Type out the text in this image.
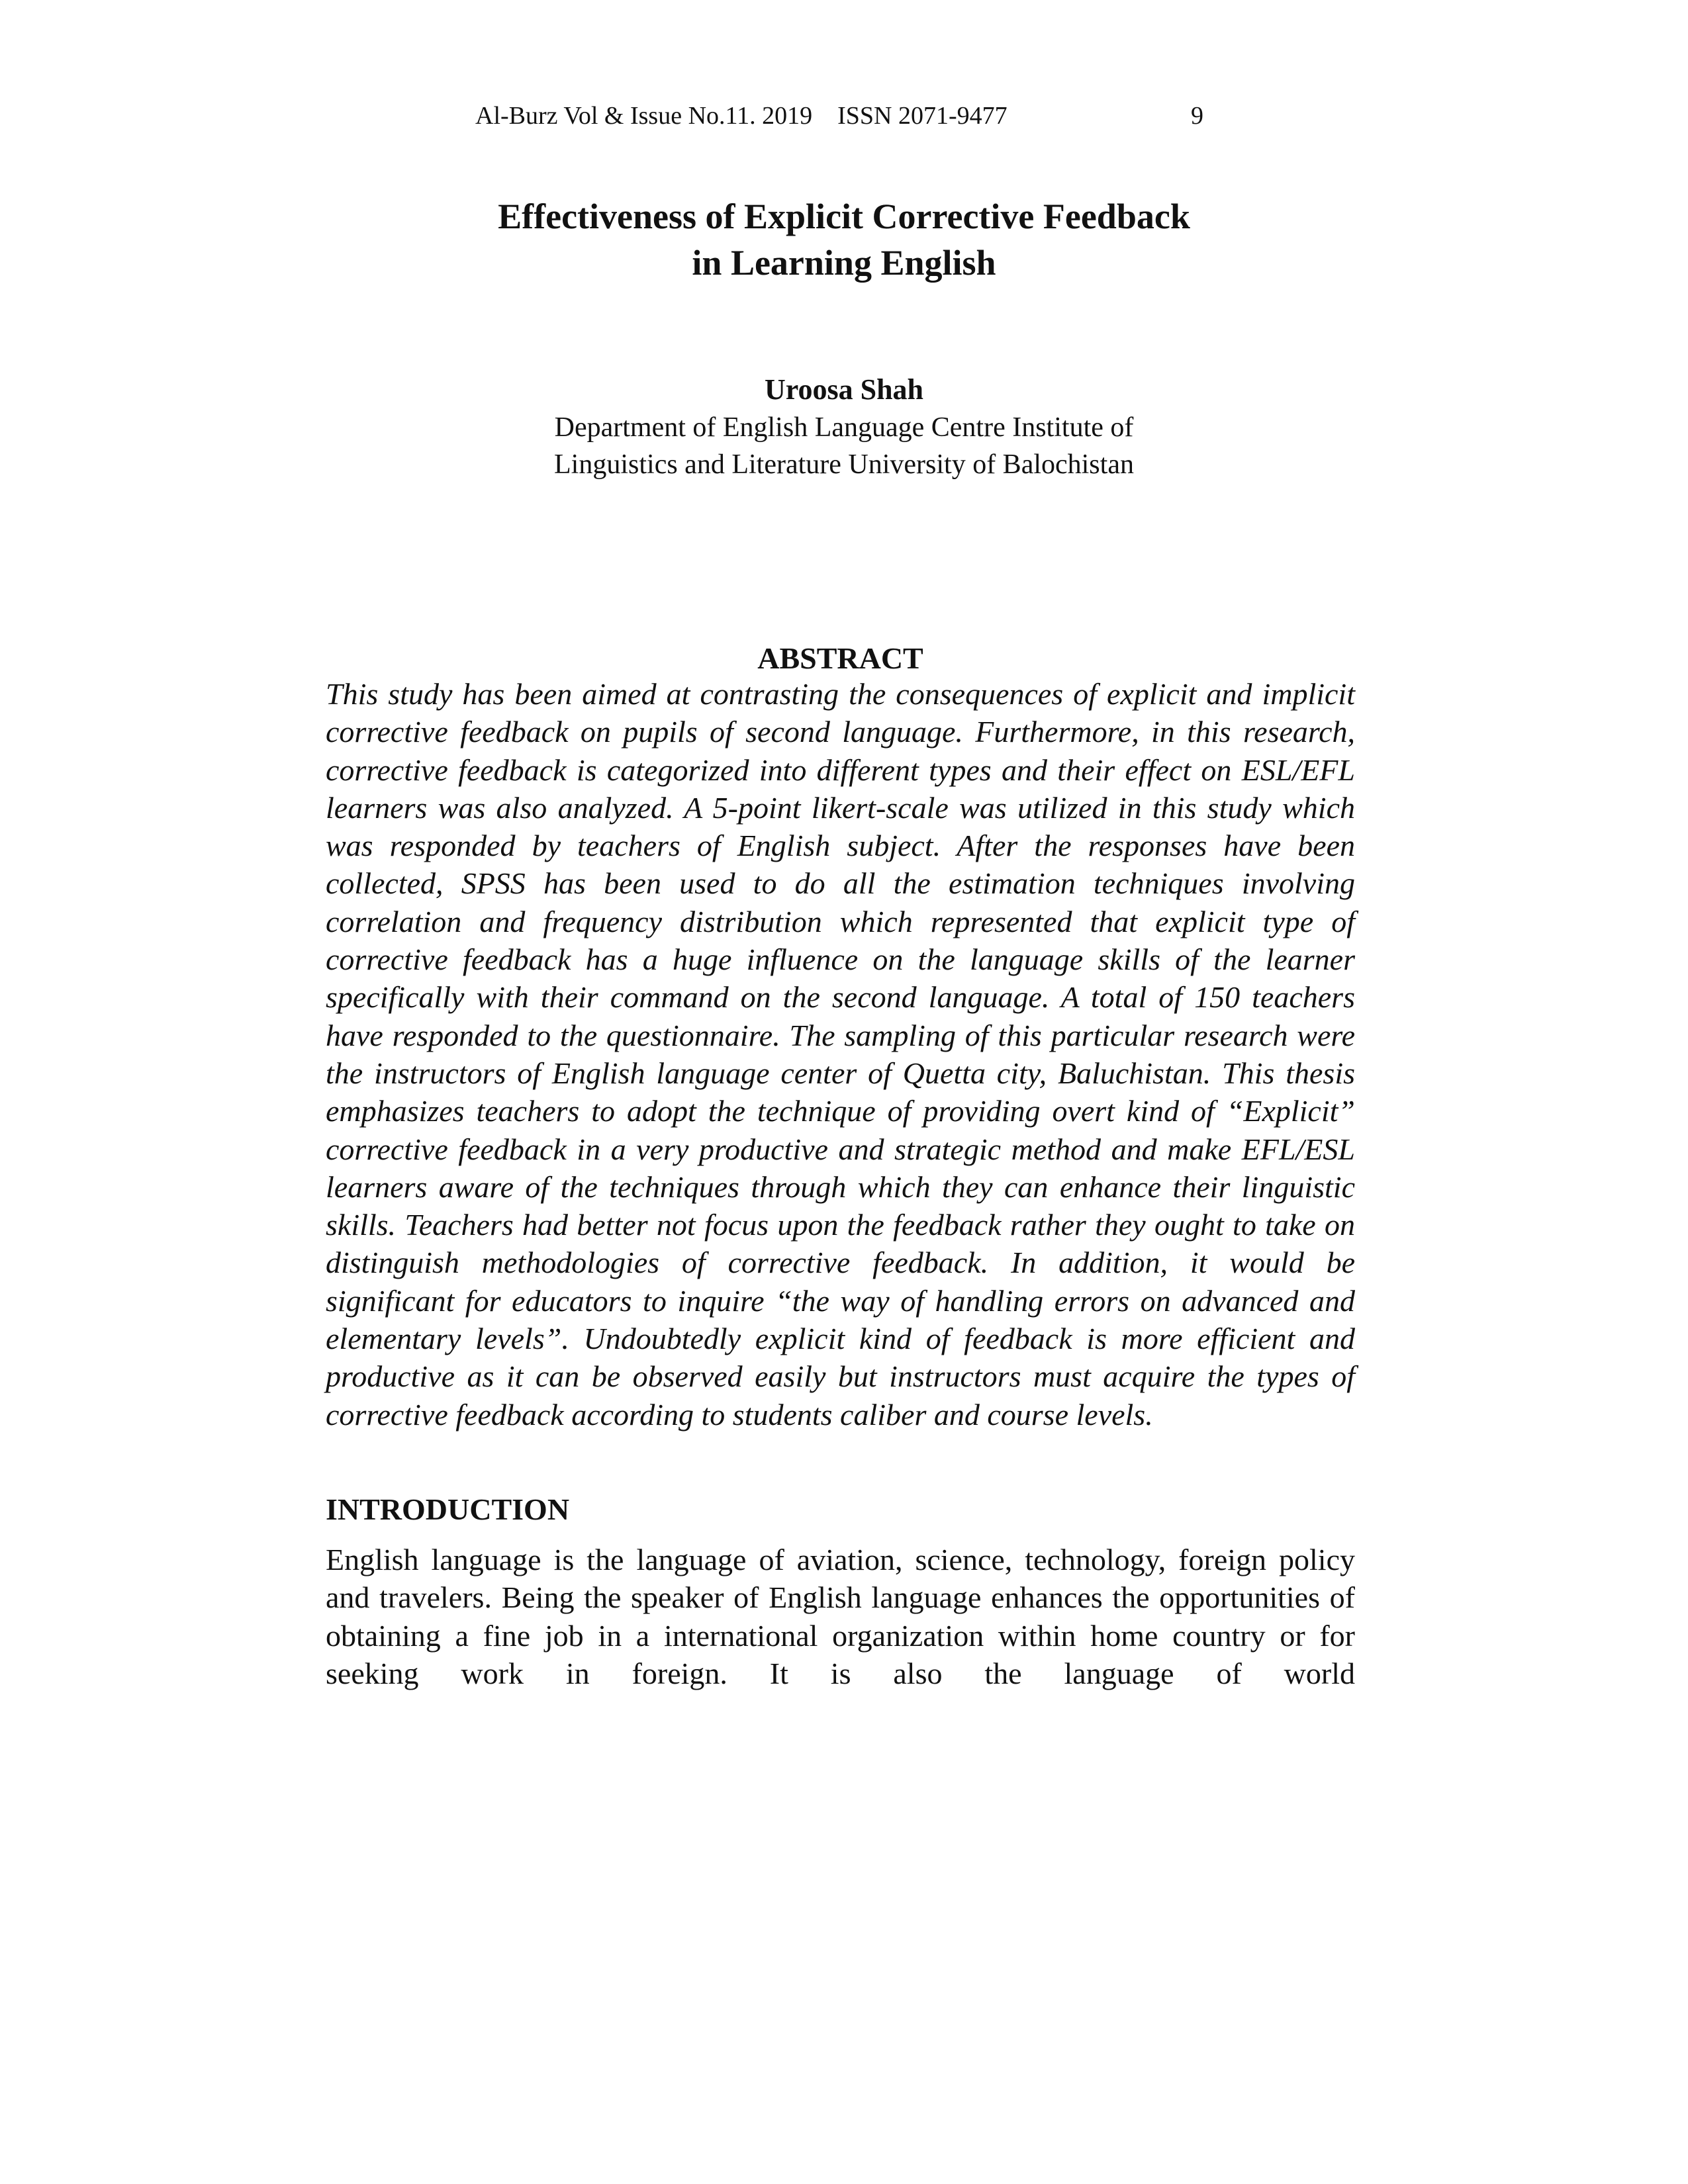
Al-Burz Vol & Issue No.11. 2019    ISSN 2071-9477	9
Effectiveness of Explicit Corrective Feedback
in Learning English
Uroosa Shah
Department of English Language Centre Institute of
Linguistics and Literature University of Balochistan
ABSTRACT

This study has been aimed at contrasting the consequences of explicit and implicit corrective feedback on pupils of second language. Furthermore, in this research, corrective feedback is categorized into different types and their effect on ESL/EFL learners was also analyzed. A 5-point likert-scale was utilized in this study which was responded by teachers of English subject. After the responses have been collected, SPSS has been used to do all the estimation techniques involving correlation and frequency distribution which represented that explicit type of corrective feedback has a huge influence on the language skills of the learner specifically with their command on the second language. A total of 150 teachers have responded to the questionnaire. The sampling of this particular research were the instructors of English language center of Quetta city, Baluchistan. This thesis emphasizes teachers to adopt the technique of providing overt kind of “Explicit” corrective feedback in a very productive and strategic method and make EFL/ESL learners aware of the techniques through which they can enhance their linguistic skills. Teachers had better not focus upon the feedback rather they ought to take on distinguish methodologies of corrective feedback. In addition, it would be significant for educators to inquire “the way of handling errors on advanced and elementary levels”. Undoubtedly explicit kind of feedback is more efficient and productive as it can be observed easily but instructors must acquire the types of corrective feedback according to students caliber and course levels.

INTRODUCTION

English language is the language of aviation, science, technology, foreign policy and travelers. Being the speaker of English language enhances the opportunities of obtaining a fine job in a international organization within home country or for seeking work in foreign. It is also the language of world
